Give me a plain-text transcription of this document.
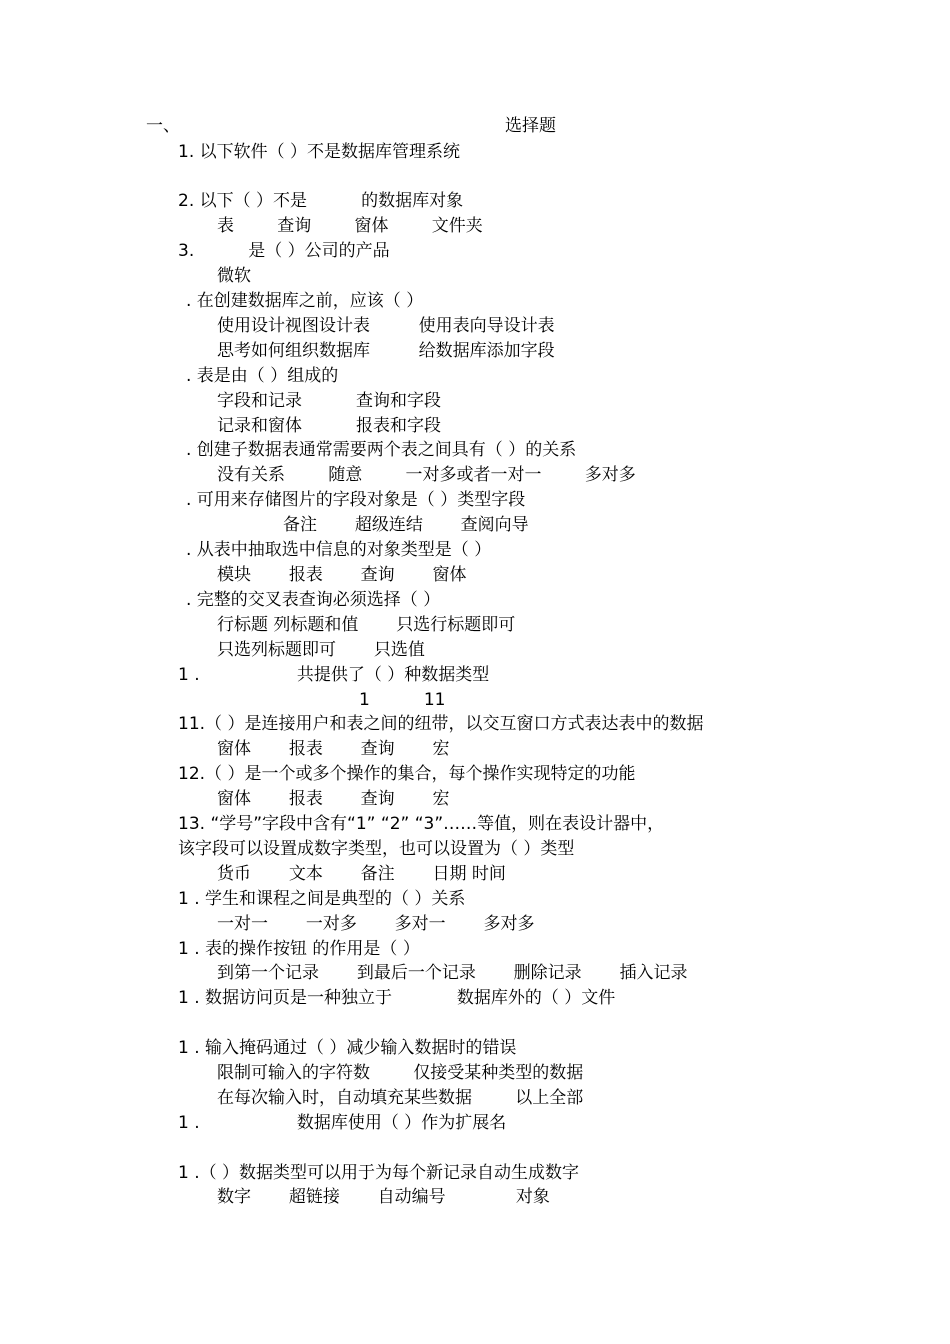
一、	选择题
1. 以下软件（ ）不是数据库管理系统
2. 以下（ ）不是          的数据库对象
表        查询        窗体        文件夹
3.          是（ ）公司的产品
微软
. 在创建数据库之前，应该（ ）
使用设计视图设计表         使用表向导设计表
思考如何组织数据库         给数据库添加字段
. 表是由（ ）组成的
字段和记录          查询和字段
记录和窗体          报表和字段
. 创建子数据表通常需要两个表之间具有（ ）的关系
没有关系        随意        一对多或者一对一        多对多
. 可用来存储图片的字段对象是（ ）类型字段
备注       超级连结       查阅向导
. 从表中抽取选中信息的对象类型是（ ）
模块       报表       查询       窗体
. 完整的交叉表查询必须选择（ ）
行标题 列标题和值       只选行标题即可
只选列标题即可       只选值
1 .                  共提供了（ ）种数据类型
1          11
11.（ ）是连接用户和表之间的纽带，以交互窗口方式表达表中的数据
窗体       报表       查询       宏
12.（ ）是一个或多个操作的集合，每个操作实现特定的功能
窗体       报表       查询       宏
13. “学号”字段中含有“1” “2” “3”……等值，则在表设计器中，
该字段可以设置成数字类型，也可以设置为（ ）类型
货币       文本       备注       日期 时间
1 . 学生和课程之间是典型的（ ）关系
一对一       一对多       多对一       多对多
1 . 表的操作按钮 的作用是（ ）
到第一个记录       到最后一个记录       删除记录       插入记录
1 . 数据访问页是一种独立于            数据库外的（ ）文件
1 . 输入掩码通过（ ）减少输入数据时的错误
限制可输入的字符数        仅接受某种类型的数据
在每次输入时，自动填充某些数据        以上全部
1 .                  数据库使用（ ）作为扩展名
1 .（ ）数据类型可以用于为每个新记录自动生成数字
数字       超链接       自动编号             对象
